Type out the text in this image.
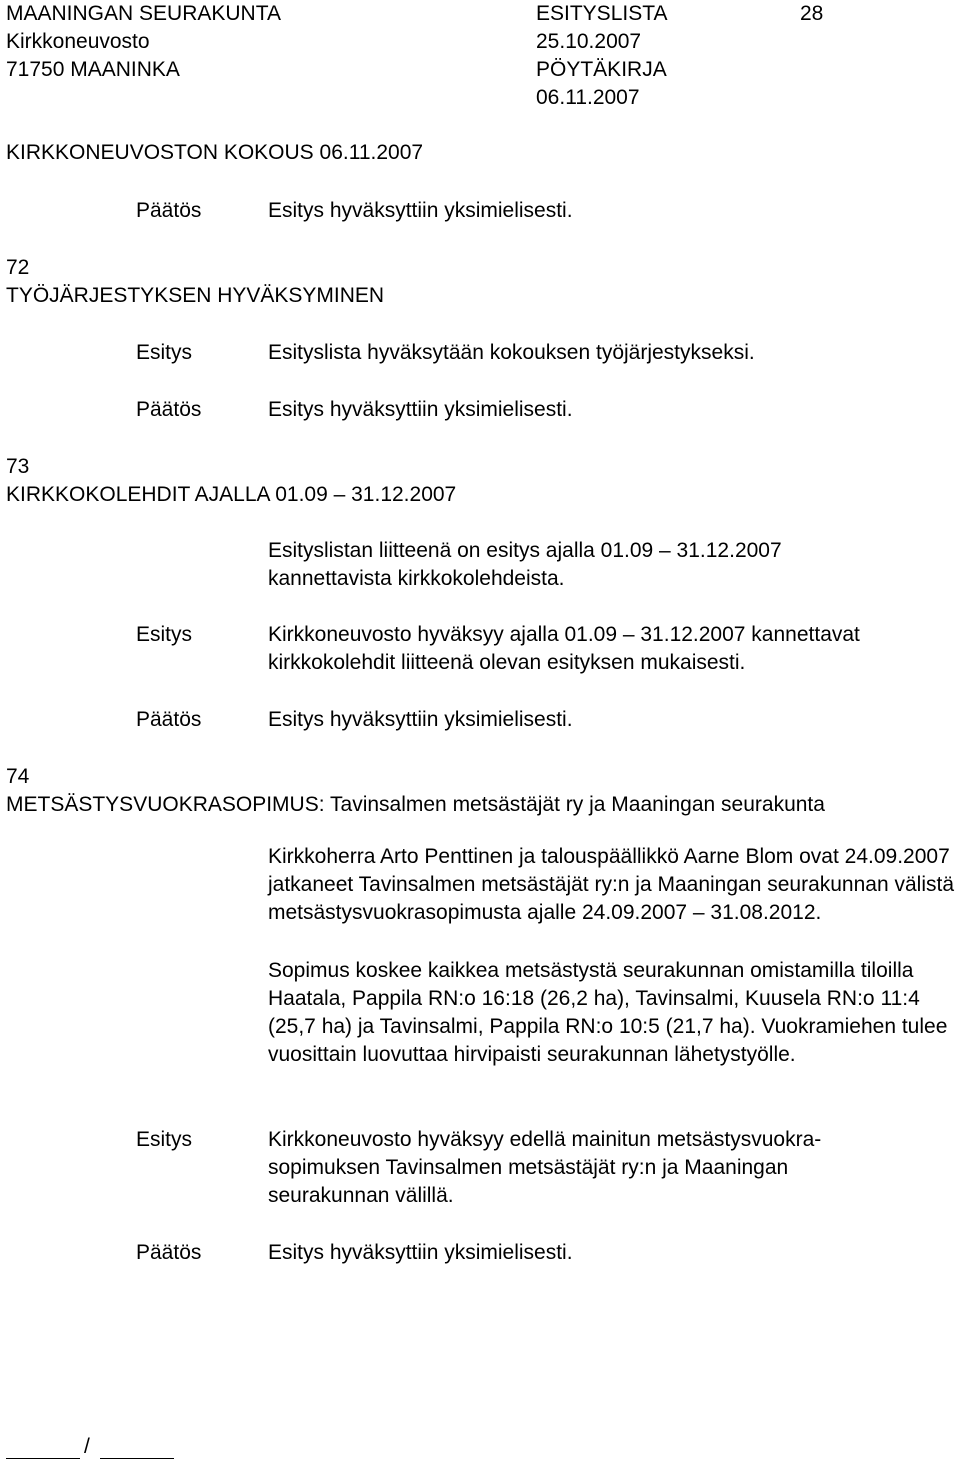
MAANINGAN SEURAKUNTA
Kirkkoneuvosto
71750 MAANINKA
ESITYSLISTA
25.10.2007
PÖYTÄKIRJA
06.11.2007
28
KIRKKONEUVOSTON KOKOUS 06.11.2007
Päätös	Esitys hyväksyttiin yksimielisesti.
72
TYÖJÄRJESTYKSEN HYVÄKSYMINEN
Esitys	Esityslista hyväksytään kokouksen työjärjestykseksi.
Päätös	Esitys hyväksyttiin yksimielisesti.
73
KIRKKOKOLEHDIT AJALLA 01.09 – 31.12.2007
Esityslistan liitteenä on esitys ajalla 01.09 – 31.12.2007 kannettavista kirkkokolehdeista.
Esitys	Kirkkoneuvosto hyväksyy ajalla 01.09 – 31.12.2007 kannettavat kirkkokolehdit liitteenä olevan esityksen mukaisesti.
Päätös	Esitys hyväksyttiin yksimielisesti.
74
METSÄSTYSVUOKRASOPIMUS: Tavinsalmen metsästäjät ry ja Maaningan seurakunta
Kirkkoherra Arto Penttinen ja talouspäällikkö Aarne Blom ovat 24.09.2007 jatkaneet Tavinsalmen metsästäjät ry:n ja Maaningan seurakunnan välistä metsästysvuokrasopimusta ajalle 24.09.2007 – 31.08.2012.
Sopimus koskee kaikkea metsästystä seurakunnan omistamilla tiloilla Haatala, Pappila RN:o 16:18 (26,2 ha), Tavinsalmi, Kuusela RN:o 11:4 (25,7 ha) ja Tavinsalmi, Pappila RN:o 10:5 (21,7 ha). Vuokramiehen tulee vuosittain luovuttaa hirvipaisti seurakunnan lähetystyölle.
Esitys	Kirkkoneuvosto hyväksyy edellä mainitun metsästysvuokra-sopimuksen Tavinsalmen metsästäjät ry:n ja Maaningan seurakunnan välillä.
Päätös	Esitys hyväksyttiin yksimielisesti.
/
